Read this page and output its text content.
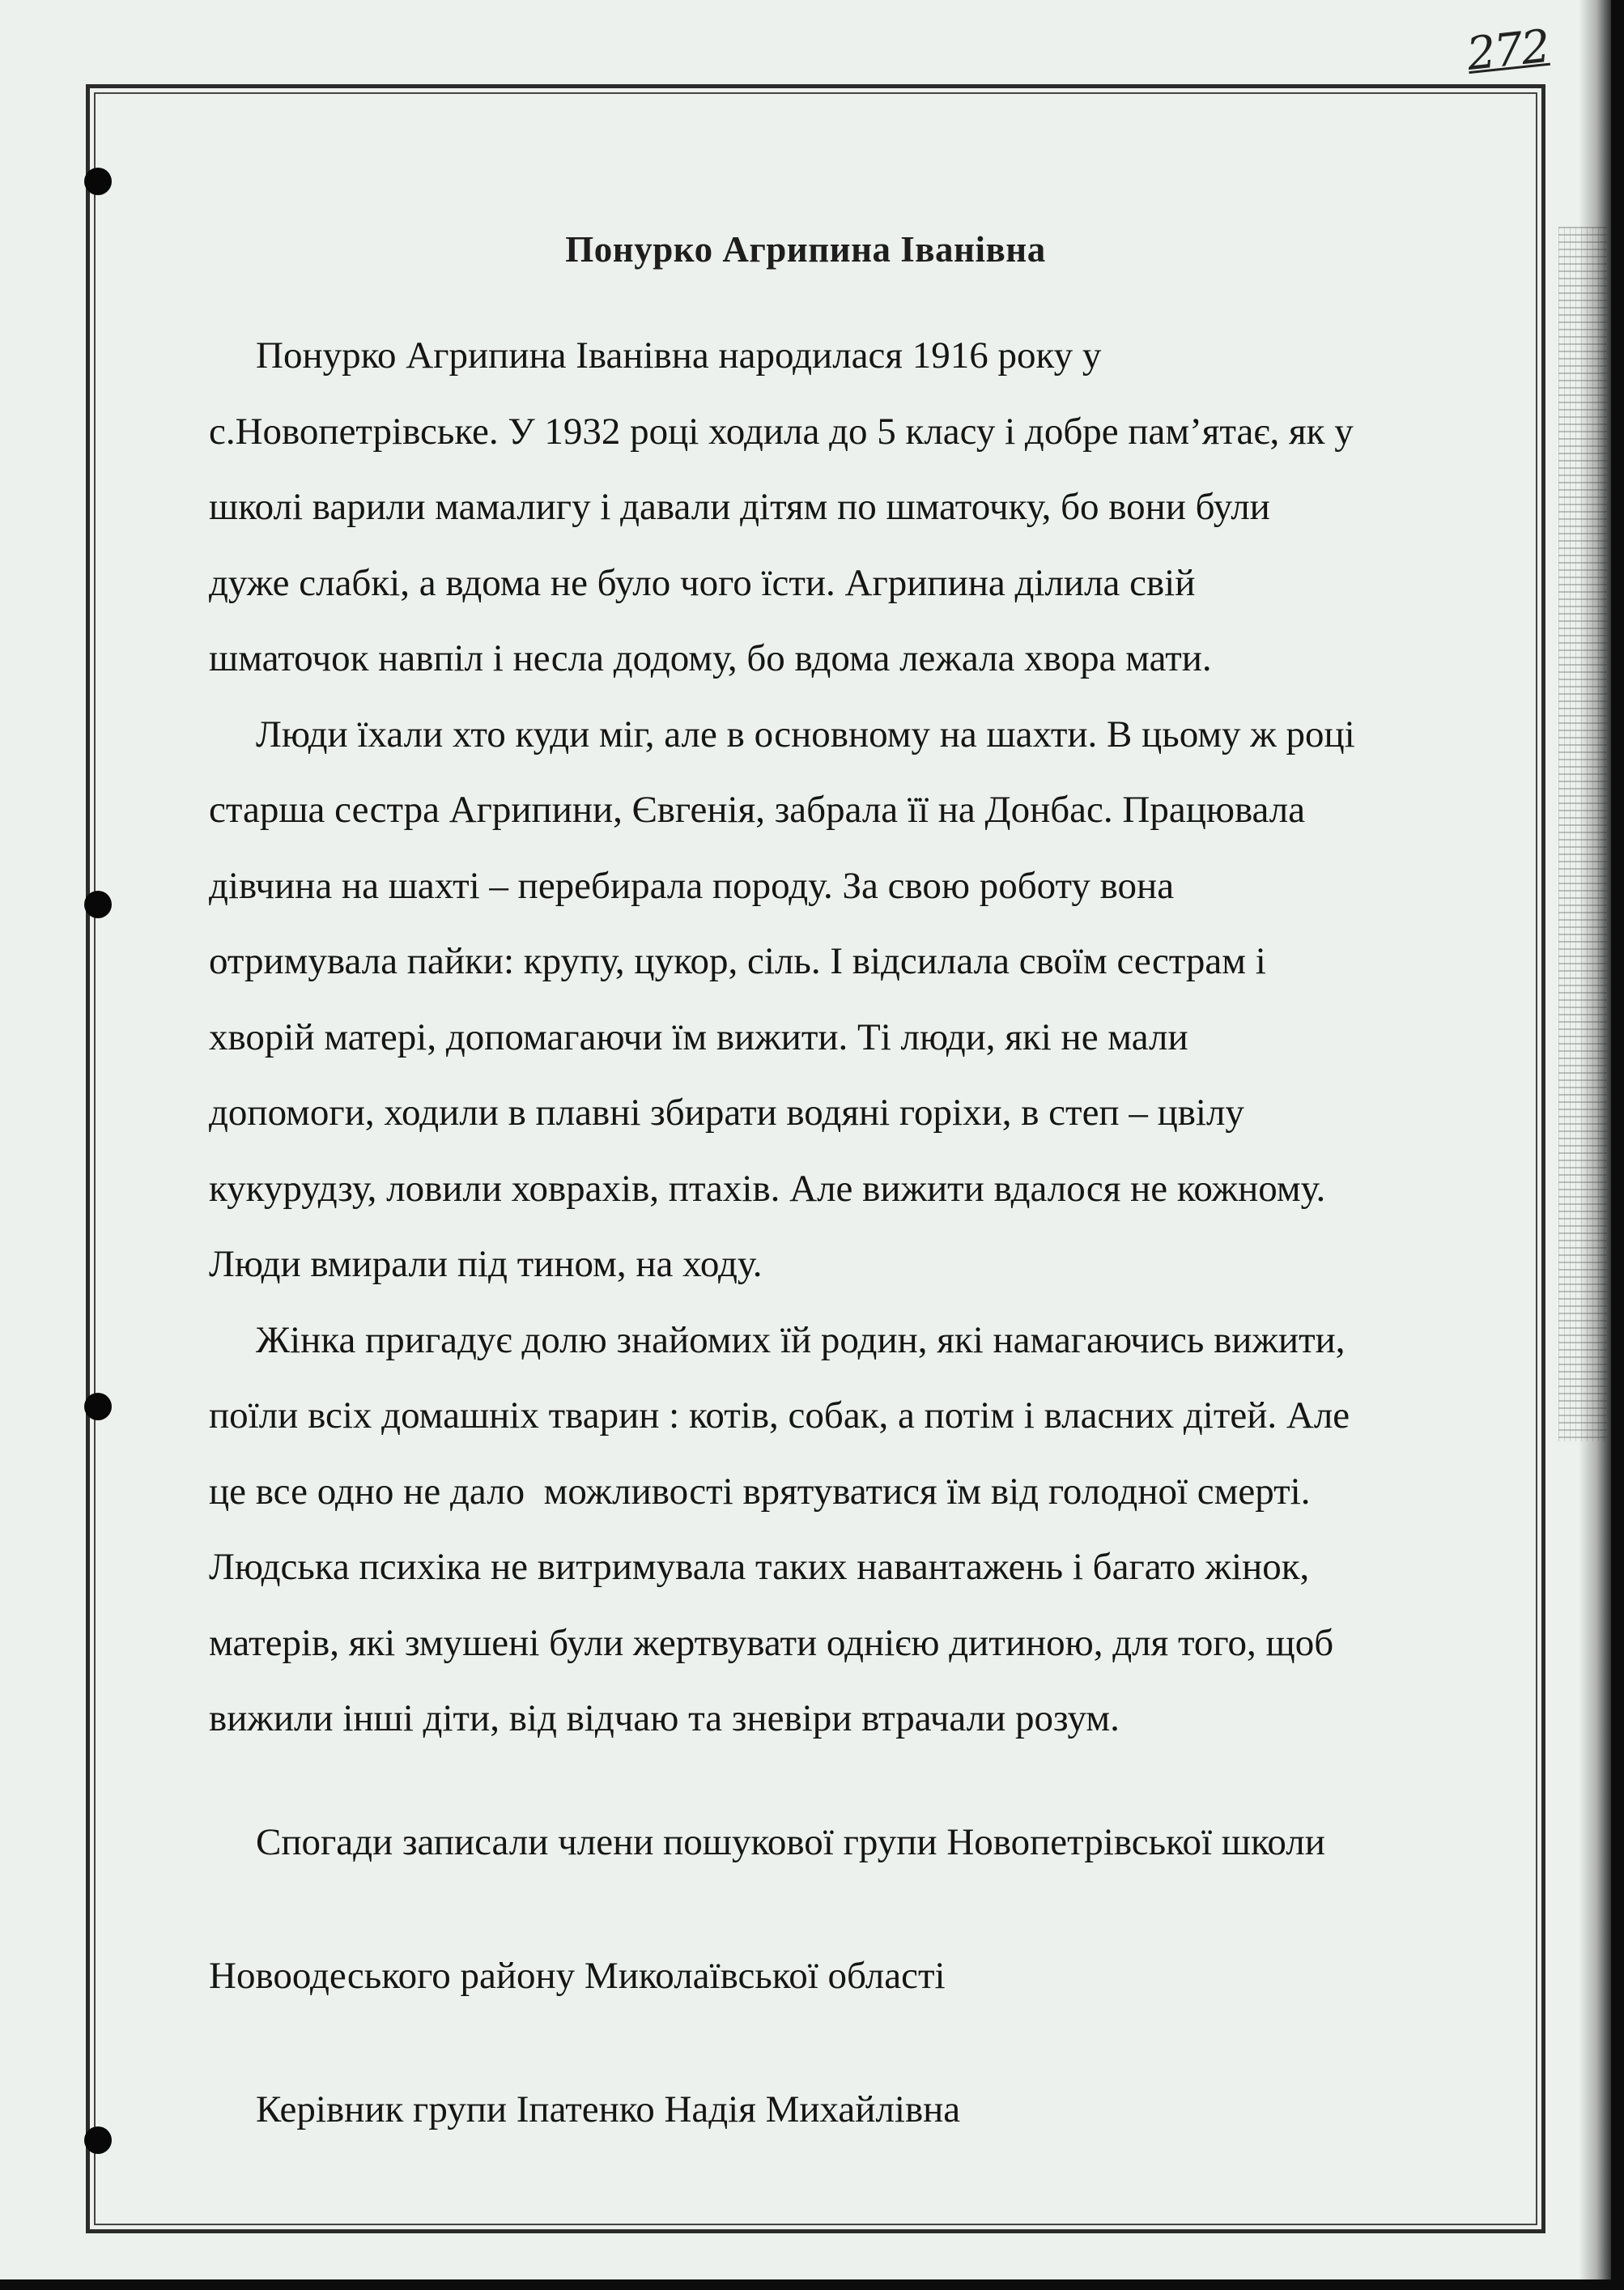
272
Понурко Агрипина Іванівна

Понурко Агрипина Іванівна народилася 1916 року у
с.Новопетрівське. У 1932 році ходила до 5 класу і добре пам’ятає, як у
школі варили мамалигу і давали дітям по шматочку, бо вони були
дуже слабкі, а вдома не було чого їсти. Агрипина ділила свій
шматочок навпіл і несла додому, бо вдома лежала хвора мати.

Люди їхали хто куди міг, але в основному на шахти. В цьому ж році
старша сестра Агрипини, Євгенія, забрала її на Донбас. Працювала
дівчина на шахті – перебирала породу. За свою роботу вона
отримувала пайки: крупу, цукор, сіль. І відсилала своїм сестрам і
хворій матері, допомагаючи їм вижити. Ті люди, які не мали
допомоги, ходили в плавні збирати водяні горіхи, в степ – цвілу
кукурудзу, ловили ховрахів, птахів. Але вижити вдалося не кожному.
Люди вмирали під тином, на ходу.

Жінка пригадує долю знайомих їй родин, які намагаючись вижити,
поїли всіх домашніх тварин : котів, собак, а потім і власних дітей. Але
це все одно не дало  можливості врятуватися їм від голодної смерті.
Людська психіка не витримувала таких навантажень і багато жінок,
матерів, які змушені були жертвувати однією дитиною, для того, щоб
вижили інші діти, від відчаю та зневіри втрачали розум.

Спогади записали члени пошукової групи Новопетрівської школи

Новоодеського району Миколаївської області

Керівник групи Іпатенко Надія Михайлівна
